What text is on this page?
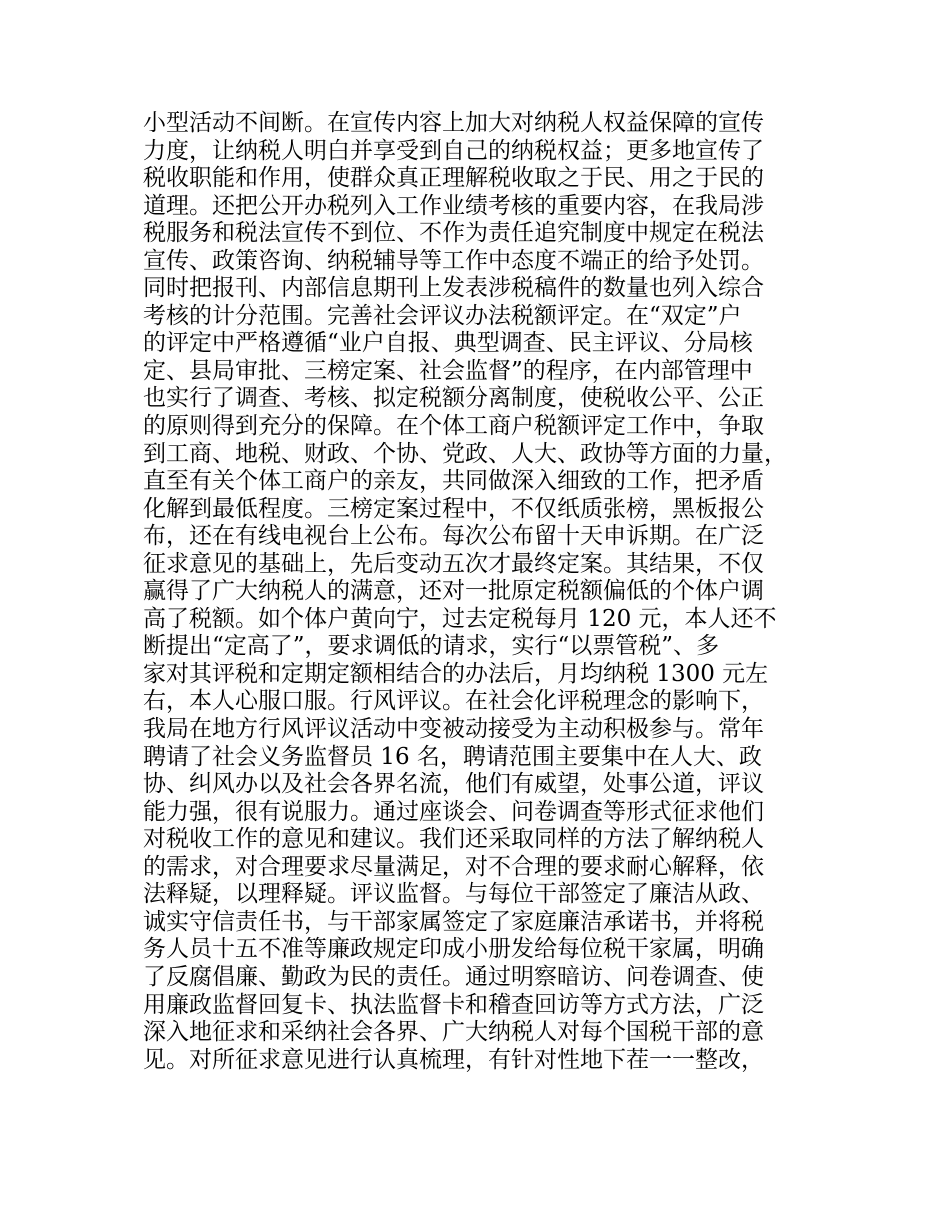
小型活动不间断。在宣传内容上加大对纳税人权益保障的宣传
力度，让纳税人明白并享受到自己的纳税权益；更多地宣传了
税收职能和作用，使群众真正理解税收取之于民、用之于民的
道理。还把公开办税列入工作业绩考核的重要内容，在我局涉
税服务和税法宣传不到位、不作为责任追究制度中规定在税法
宣传、政策咨询、纳税辅导等工作中态度不端正的给予处罚。
同时把报刊、内部信息期刊上发表涉税稿件的数量也列入综合
考核的计分范围。完善社会评议办法税额评定。在“双定”户
的评定中严格遵循“业户自报、典型调查、民主评议、分局核
定、县局审批、三榜定案、社会监督”的程序，在内部管理中
也实行了调查、考核、拟定税额分离制度，使税收公平、公正
的原则得到充分的保障。在个体工商户税额评定工作中，争取
到工商、地税、财政、个协、党政、人大、政协等方面的力量，
直至有关个体工商户的亲友，共同做深入细致的工作，把矛盾
化解到最低程度。三榜定案过程中，不仅纸质张榜，黑板报公
布，还在有线电视台上公布。每次公布留十天申诉期。在广泛
征求意见的基础上，先后变动五次才最终定案。其结果，不仅
赢得了广大纳税人的满意，还对一批原定税额偏低的个体户调
高了税额。如个体户黄向宁，过去定税每月 120 元，本人还不
断提出“定高了”，要求调低的请求，实行“以票管税”、多
家对其评税和定期定额相结合的办法后，月均纳税 1300 元左
右，本人心服口服。行风评议。在社会化评税理念的影响下，
我局在地方行风评议活动中变被动接受为主动积极参与。常年
聘请了社会义务监督员 16 名，聘请范围主要集中在人大、政
协、纠风办以及社会各界名流，他们有威望，处事公道，评议
能力强，很有说服力。通过座谈会、问卷调查等形式征求他们
对税收工作的意见和建议。我们还采取同样的方法了解纳税人
的需求，对合理要求尽量满足，对不合理的要求耐心解释，依
法释疑，以理释疑。评议监督。与每位干部签定了廉洁从政、
诚实守信责任书，与干部家属签定了家庭廉洁承诺书，并将税
务人员十五不准等廉政规定印成小册发给每位税干家属，明确
了反腐倡廉、勤政为民的责任。通过明察暗访、问卷调查、使
用廉政监督回复卡、执法监督卡和稽查回访等方式方法，广泛
深入地征求和采纳社会各界、广大纳税人对每个国税干部的意
见。对所征求意见进行认真梳理，有针对性地下茬一一整改，
